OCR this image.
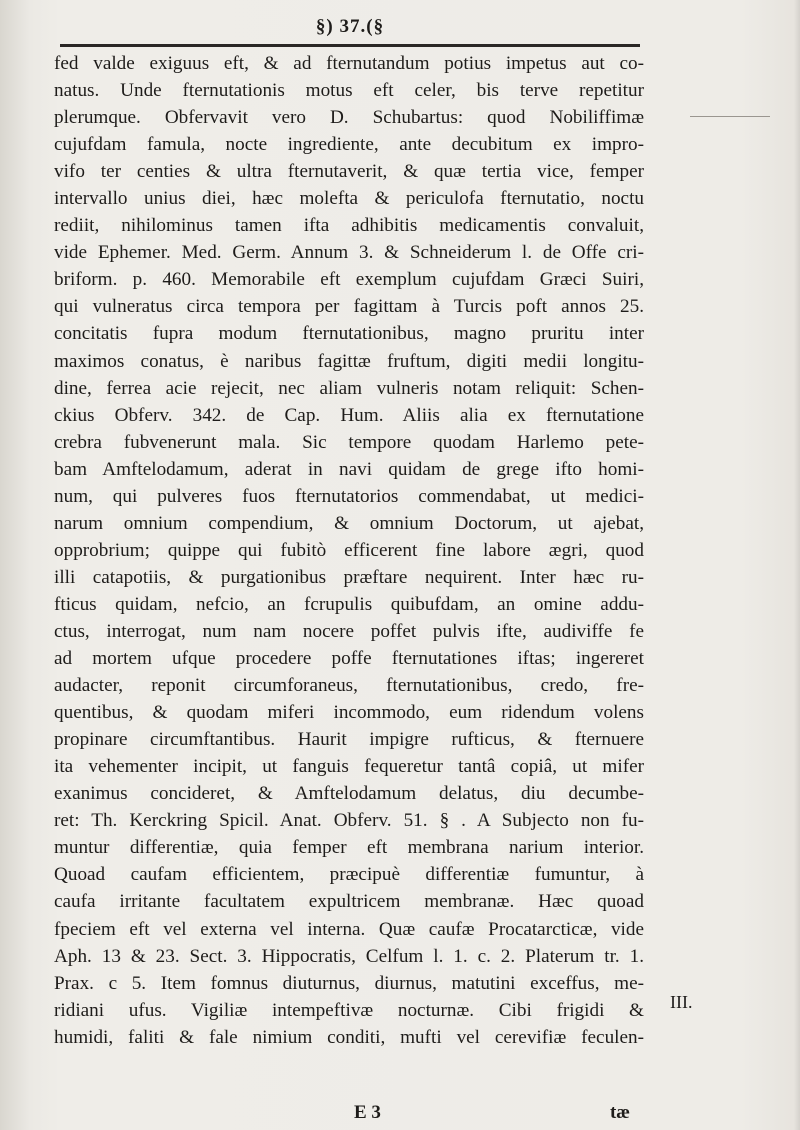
§) 37.(§
fed valde exiguus eft, & ad fternutandum potius impetus aut co-
natus. Unde fternutationis motus eft celer, bis terve repetitur
plerumque. Obfervavit vero D. Schubartus: quod Nobiliffimæ
cujufdam famula, nocte ingrediente, ante decubitum ex impro-
vifo ter centies & ultra fternutaverit, & quæ tertia vice, femper
intervallo unius diei, hæc molefta & periculofa fternutatio, noctu
rediit, nihilominus tamen ifta adhibitis medicamentis convaluit,
vide Ephemer. Med. Germ. Annum 3. & Schneiderum l. de Offe cri-
briform. p. 460. Memorabile eft exemplum cujufdam Græci Suiri,
qui vulneratus circa tempora per fagittam à Turcis poft annos 25.
concitatis fupra modum fternutationibus, magno pruritu inter
maximos conatus, è naribus fagittæ fruftum, digiti medii longitu-
dine, ferrea acie rejecit, nec aliam vulneris notam reliquit: Schen-
ckius Obferv. 342. de Cap. Hum. Aliis alia ex fternutatione
crebra fubvenerunt mala. Sic tempore quodam Harlemo pete-
bam Amftelodamum, aderat in navi quidam de grege ifto homi-
num, qui pulveres fuos fternutatorios commendabat, ut medici-
narum omnium compendium, & omnium Doctorum, ut ajebat,
opprobrium; quippe qui fubitò efficerent fine labore ægri, quod
illi catapotiis, & purgationibus præftare nequirent. Inter hæc ru-
fticus quidam, nefcio, an fcrupulis quibufdam, an omine addu-
ctus, interrogat, num nam nocere poffet pulvis ifte, audiviffe fe
ad mortem ufque procedere poffe fternutationes iftas; ingereret
audacter, reponit circumforaneus, fternutationibus, credo, fre-
quentibus, & quodam miferi incommodo, eum ridendum volens
propinare circumftantibus. Haurit impigre rufticus, & fternuere
ita vehementer incipit, ut fanguis fequeretur tantâ copiâ, ut mifer
exanimus concideret, & Amftelodamum delatus, diu decumbe-
ret: Th. Kerckring Spicil. Anat. Obferv. 51. § . A Subjecto non fu-
muntur differentiæ, quia femper eft membrana narium interior.
Quoad caufam efficientem, præcipuè differentiæ fumuntur, à
caufa irritante facultatem expultricem membranæ. Hæc quoad
fpeciem eft vel externa vel interna. Quæ caufæ Procatarcticæ, vide
Aph. 13 & 23. Sect. 3. Hippocratis, Celfum l. 1. c. 2. Platerum tr. 1.
Prax. c 5. Item fomnus diuturnus, diurnus, matutini exceffus, me-
ridiani ufus. Vigiliæ intempeftivæ nocturnæ. Cibi frigidi &
humidi, faliti & fale nimium conditi, mufti vel cerevifiæ feculen-
III.
E 3	tæ
